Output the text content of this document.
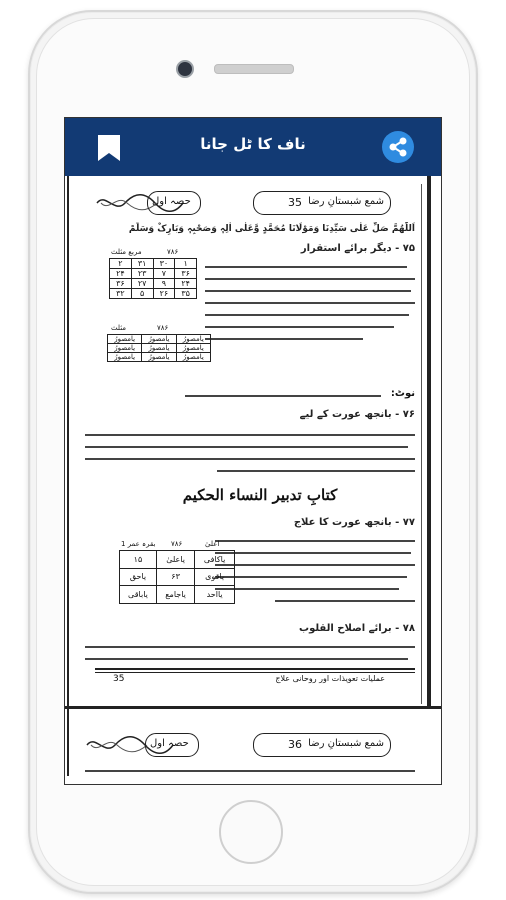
ناف کا ٹل جانا
حصہ اول	35 شمع شبستانِ رضا
اَللّٰھُمَّ صَلِّ عَلٰی سَیِّدِنَا وَمَوْلَانَا مُحَمَّدٍ وَّعَلٰی اٰلِہٖ وَصَحْبِہٖ وَبَارِکْ وَسَلِّمْ
۷۵ - دیگر برائے استقرار
مربع مثلث	۷۸۶
۲	۳۱	۳۰	۱
۲۴	۲۳	۷	۳۶
۳۶	۲۷	۹	۲۴
۳۲	۵	۲۶	۳۵
مثلث	۷۸۶
یامصورُ	یامصورُ	یامصورُ
یامصورُ	یامصورُ	یامصورُ
یامصورُ	یامصورُ	یامصورُ
نوٹ:
۷۶ - بانجھ عورت کے لیے
کتابِ تدبیر النساء الحکیم
۷۷ - بانجھ عورت کا علاج
بقرہ عمر 1 ۷۸۶	اعلیٰ
۱۵	یاعلیٰ	یاکافی
یاحق	۶۳	یاقوی
یاباقی	یاجامع	یااحد
۷۸ - برائے اصلاح القلوب
35	عملیات تعویذات اور روحانی علاج
حصہ اول	36 شمع شبستانِ رضا
